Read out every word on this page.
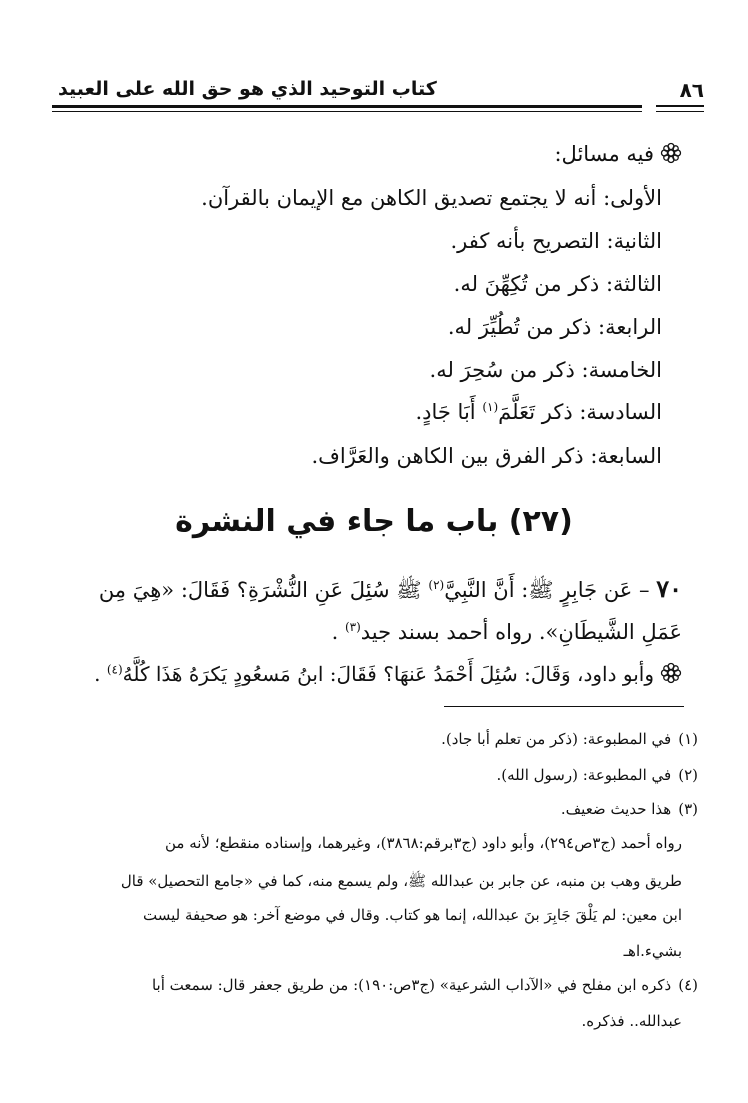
كتاب التوحيد الذي هو حق الله على العبيد	٨٦
فيه مسائل:
الأولى: أنه لا يجتمع تصديق الكاهن مع الإيمان بالقرآن.
الثانية: التصريح بأنه كفر.
الثالثة: ذكر من تُكِهِّنَ له.
الرابعة: ذكر من تُطُيِّرَ له.
الخامسة: ذكر من سُحِرَ له.
السادسة: ذكر تَعَلَّمَ$^{(١)}$ أَبَا جَادٍ.
السابعة: ذكر الفرق بين الكاهن والعَرَّاف.
(٢٧) باب ما جاء في النشرة
٧٠ – عَن جَابِرٍ ﷺ: أَنَّ النَّبِيَّ$^{(٢)}$ ﷺ سُئِلَ عَنِ النُّشْرَةِ؟ فَقَالَ: «هِيَ مِن
عَمَلِ الشَّيطَانِ». رواه أحمد بسند جيد$^{(٣)}$ .
وأبو داود، وَقَالَ: سُئِلَ أَحْمَدُ عَنهَا؟ فَقَالَ: ابنُ مَسعُودٍ يَكرَهُ هَذَا كُلَّهُ$^{(٤)}$ .
(١) في المطبوعة: (ذكر من تعلم أبا جاد).
(٢) في المطبوعة: (رسول الله).
(٣) هذا حديث ضعيف.
رواه أحمد (ج٣ص٢٩٤)، وأبو داود (ج٣برقم:٣٨٦٨)، وغيرهما، وإسناده منقطع؛ لأنه من
طريق وهب بن منبه، عن جابر بن عبدالله ﷺ، ولم يسمع منه، كما في «جامع التحصيل» قال
ابن معين: لم يَلْقَ جَابِرَ بنَ عبدالله، إنما هو كتاب. وقال في موضع آخر: هو صحيفة ليست
بشيء.اهـ
(٤) ذكره ابن مفلح في «الآداب الشرعية» (ج٣ص:١٩٠): من طريق جعفر قال: سمعت أبا
عبدالله.. فذكره.
